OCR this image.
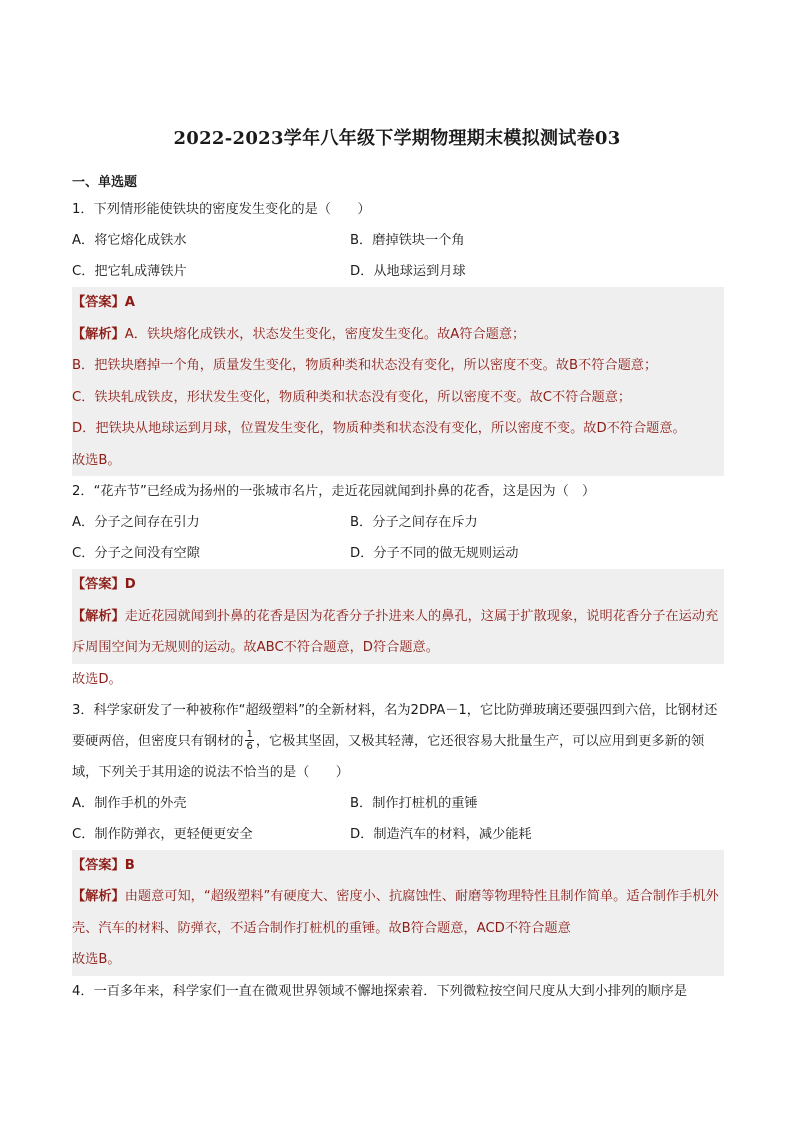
2022-2023学年八年级下学期物理期末模拟测试卷03
一、单选题
1．下列情形能使铁块的密度发生变化的是（　　）
A．将它熔化成铁水	B．磨掉铁块一个角
C．把它轧成薄铁片	D．从地球运到月球
【答案】A
【解析】A．铁块熔化成铁水，状态发生变化，密度发生变化。故A符合题意；
B．把铁块磨掉一个角，质量发生变化，物质种类和状态没有变化，所以密度不变。故B不符合题意；
C．铁块轧成铁皮，形状发生变化，物质种类和状态没有变化，所以密度不变。故C不符合题意；
D．把铁块从地球运到月球，位置发生变化，物质种类和状态没有变化，所以密度不变。故D不符合题意。
故选B。
2．“花卉节”已经成为扬州的一张城市名片，走近花园就闻到扑鼻的花香，这是因为（　）
A．分子之间存在引力	B．分子之间存在斥力
C．分子之间没有空隙	D．分子不同的做无规则运动
【答案】D
【解析】走近花园就闻到扑鼻的花香是因为花香分子扑进来人的鼻孔，这属于扩散现象，说明花香分子在运动充斥周围空间为无规则的运动。故ABC不符合题意，D符合题意。
故选D。
3．科学家研发了一种被称作“超级塑料”的全新材料，名为2DPA－1，它比防弹玻璃还要强四到六倍，比钢材还要硬两倍，但密度只有钢材的 $\frac{1}{6}$ ，它极其坚固，又极其轻薄，它还很容易大批量生产，可以应用到更多新的领域，下列关于其用途的说法不恰当的是（　　）
A．制作手机的外壳	B．制作打桩机的重锤
C．制作防弹衣，更轻便更安全	D．制造汽车的材料，减少能耗
【答案】B
【解析】由题意可知，“超级塑料”有硬度大、密度小、抗腐蚀性、耐磨等物理特性且制作简单。适合制作手机外壳、汽车的材料、防弹衣，不适合制作打桩机的重锤。故B符合题意，ACD不符合题意
故选B。
4．一百多年来，科学家们一直在微观世界领域不懈地探索着．下列微粒按空间尺度从大到小排列的顺序是
